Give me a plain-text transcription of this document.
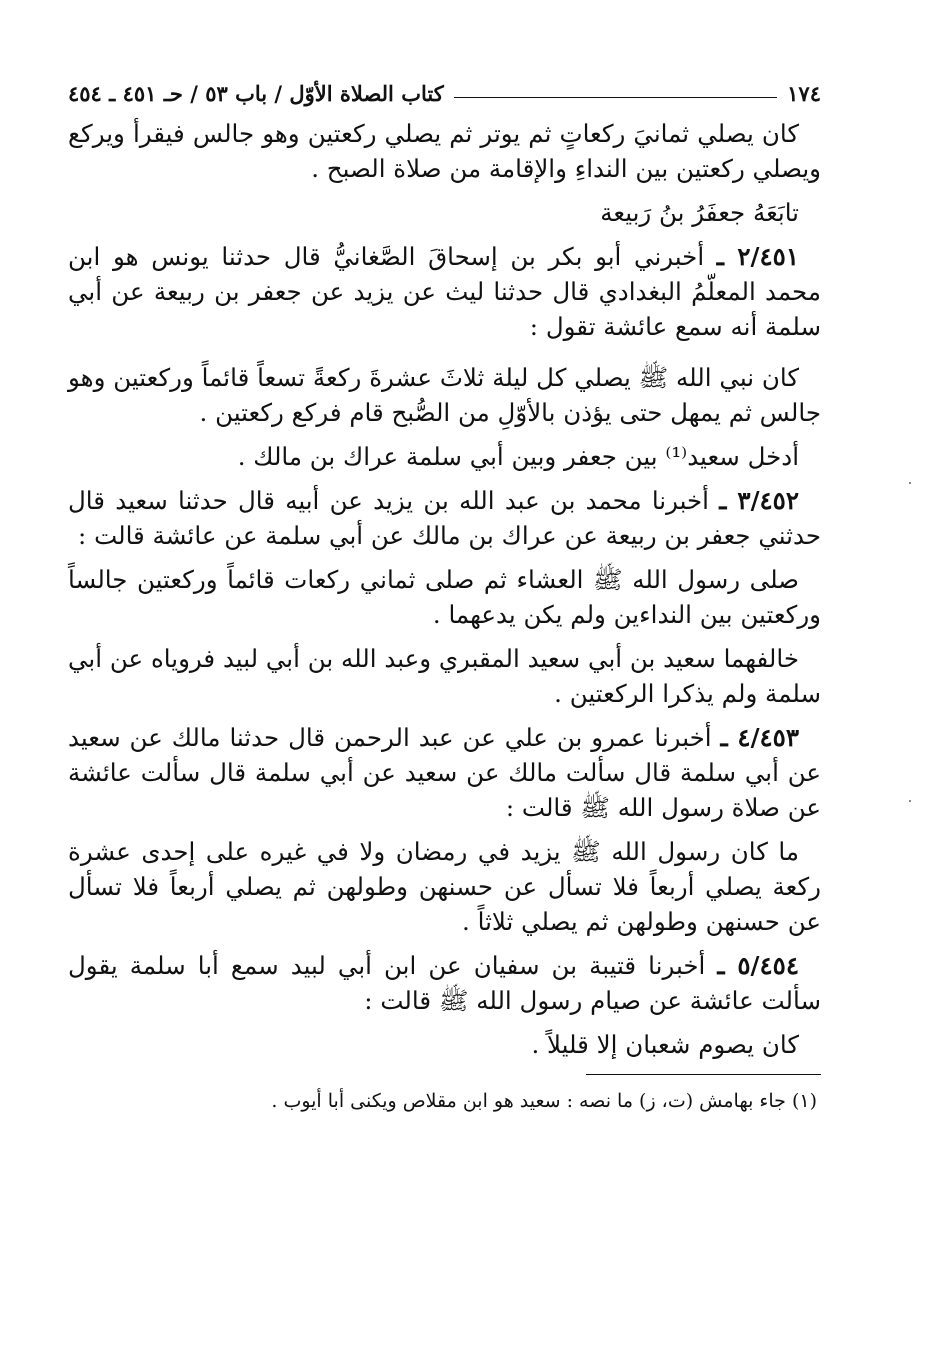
١٧٤
كتاب الصلاة الأوّل / باب ٥٣ / حـ ٤٥١ ـ ٤٥٤

كان يصلي ثمانيَ ركعاتٍ ثم يوتر ثم يصلي ركعتين وهو جالس فيقرأ ويركع ويصلي ركعتين بين النداءِ والإقامة من صلاة الصبح .

تابَعَهُ جعفَرُ بنُ رَبيعة

٢/٤٥١ ـ أخبرني أبو بكر بن إسحاقَ الصَّغانيُّ قال حدثنا يونس هو ابن محمد المعلّمُ البغدادي قال حدثنا ليث عن يزيد عن جعفر بن ربيعة عن أبي سلمة أنه سمع عائشة تقول :

كان نبي الله ﷺ يصلي كل ليلة ثلاثَ عشرةَ ركعةً تسعاً قائماً وركعتين وهو جالس ثم يمهل حتى يؤذن بالأوّلِ من الصُّبح قام فركع ركعتين .

أدخل سعيد⁽¹⁾ بين جعفر وبين أبي سلمة عراك بن مالك .

٣/٤٥٢ ـ أخبرنا محمد بن عبد الله بن يزيد عن أبيه قال حدثنا سعيد قال حدثني جعفر بن ربيعة عن عراك بن مالك عن أبي سلمة عن عائشة قالت :

صلى رسول الله ﷺ العشاء ثم صلى ثماني ركعات قائماً وركعتين جالساً وركعتين بين النداءين ولم يكن يدعهما .

خالفهما سعيد بن أبي سعيد المقبري وعبد الله بن أبي لبيد فروياه عن أبي سلمة ولم يذكرا الركعتين .

٤/٤٥٣ ـ أخبرنا عمرو بن علي عن عبد الرحمن قال حدثنا مالك عن سعيد عن أبي سلمة قال سألت مالك عن سعيد عن أبي سلمة قال سألت عائشة عن صلاة رسول الله ﷺ قالت :

ما كان رسول الله ﷺ يزيد في رمضان ولا في غيره على إحدى عشرة ركعة يصلي أربعاً فلا تسأل عن حسنهن وطولهن ثم يصلي أربعاً فلا تسأل عن حسنهن وطولهن ثم يصلي ثلاثاً .

٥/٤٥٤ ـ أخبرنا قتيبة بن سفيان عن ابن أبي لبيد سمع أبا سلمة يقول سألت عائشة عن صيام رسول الله ﷺ قالت :

كان يصوم شعبان إلا قليلاً .

(١) جاء بهامش (ت، ز) ما نصه : سعيد هو ابن مقلاص ويكنى أبا أيوب .
